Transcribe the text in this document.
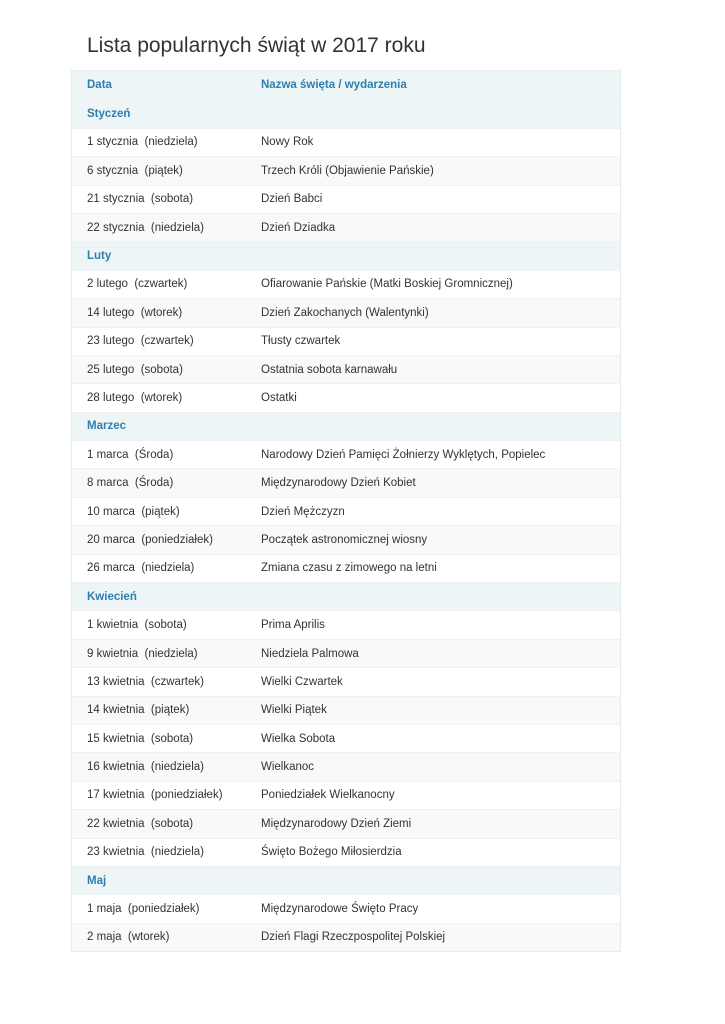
Lista popularnych świąt w 2017 roku
Data	Nazwa święta / wydarzenia
Styczeń
1 stycznia  (niedziela)	Nowy Rok
6 stycznia  (piątek)	Trzech Króli (Objawienie Pańskie)
21 stycznia  (sobota)	Dzień Babci
22 stycznia  (niedziela)	Dzień Dziadka
Luty
2 lutego  (czwartek)	Ofiarowanie Pańskie (Matki Boskiej Gromnicznej)
14 lutego  (wtorek)	Dzień Zakochanych (Walentynki)
23 lutego  (czwartek)	Tłusty czwartek
25 lutego  (sobota)	Ostatnia sobota karnawału
28 lutego  (wtorek)	Ostatki
Marzec
1 marca  (Środa)	Narodowy Dzień Pamięci Żołnierzy Wyklętych, Popielec
8 marca  (Środa)	Międzynarodowy Dzień Kobiet
10 marca  (piątek)	Dzień Mężczyzn
20 marca  (poniedziałek)	Początek astronomicznej wiosny
26 marca  (niedziela)	Zmiana czasu z zimowego na letni
Kwiecień
1 kwietnia  (sobota)	Prima Aprilis
9 kwietnia  (niedziela)	Niedziela Palmowa
13 kwietnia  (czwartek)	Wielki Czwartek
14 kwietnia  (piątek)	Wielki Piątek
15 kwietnia  (sobota)	Wielka Sobota
16 kwietnia  (niedziela)	Wielkanoc
17 kwietnia  (poniedziałek)	Poniedziałek Wielkanocny
22 kwietnia  (sobota)	Międzynarodowy Dzień Ziemi
23 kwietnia  (niedziela)	Święto Bożego Miłosierdzia
Maj
1 maja  (poniedziałek)	Międzynarodowe Święto Pracy
2 maja  (wtorek)	Dzień Flagi Rzeczpospolitej Polskiej
